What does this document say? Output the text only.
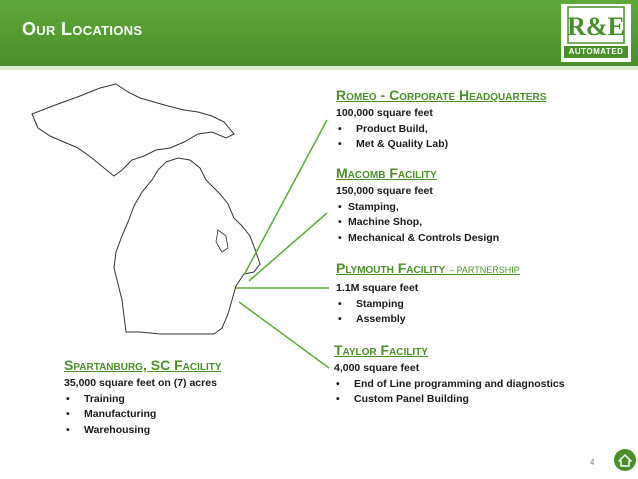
Our Locations	R&E
AUTOMATED
Romeo - Corporate Headquarters
100,000 square feet
• Product Build,
• Met & Quality Lab)
Macomb Facility
150,000 square feet
• Stamping,
• Machine Shop,
• Mechanical & Controls Design
Plymouth Facility – PARTNERSHIP
1.1M square feet
• Stamping
• Assembly
Taylor Facility
4,000 square feet
• End of Line programming and diagnostics
• Custom Panel Building
Spartanburg, SC Facility
35,000 square feet on (7) acres
• Training
• Manufacturing
• Warehousing
4
